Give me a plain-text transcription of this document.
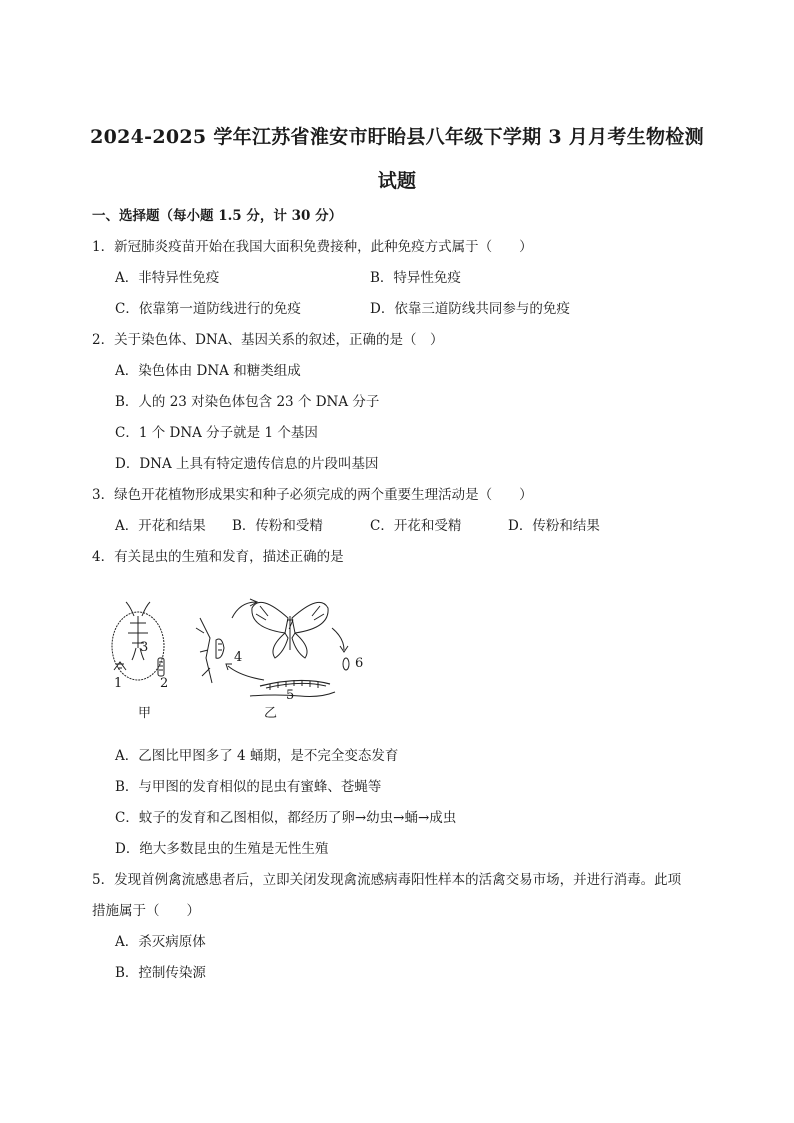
2024-2025 学年江苏省淮安市盱眙县八年级下学期 3 月月考生物检测
试题
一、选择题（每小题 1.5 分，计 30 分）
1．新冠肺炎疫苗开始在我国大面积免费接种，此种免疫方式属于（　　）
A．非特异性免疫	B．特异性免疫
C．依靠第一道防线进行的免疫	D．依靠三道防线共同参与的免疫
2．关于染色体、DNA、基因关系的叙述，正确的是（　）
A．染色体由 DNA 和糖类组成
B．人的 23 对染色体包含 23 个 DNA 分子
C．1 个 DNA 分子就是 1 个基因
D．DNA 上具有特定遗传信息的片段叫基因
3．绿色开花植物形成果实和种子必须完成的两个重要生理活动是（　　）
A．开花和结果 B．传粉和受精	C．开花和受精	D．传粉和结果
4．有关昆虫的生殖和发育，描述正确的是
3
1	2
4
7
6
5
甲	乙
A．乙图比甲图多了 4 蛹期，是不完全变态发育
B．与甲图的发育相似的昆虫有蜜蜂、苍蝇等
C．蚊子的发育和乙图相似，都经历了卵→幼虫→蛹→成虫
D．绝大多数昆虫的生殖是无性生殖
5．发现首例禽流感患者后，立即关闭发现禽流感病毒阳性样本的活禽交易市场，并进行消毒。此项
措施属于（　　）
A．杀灭病原体
B．控制传染源
